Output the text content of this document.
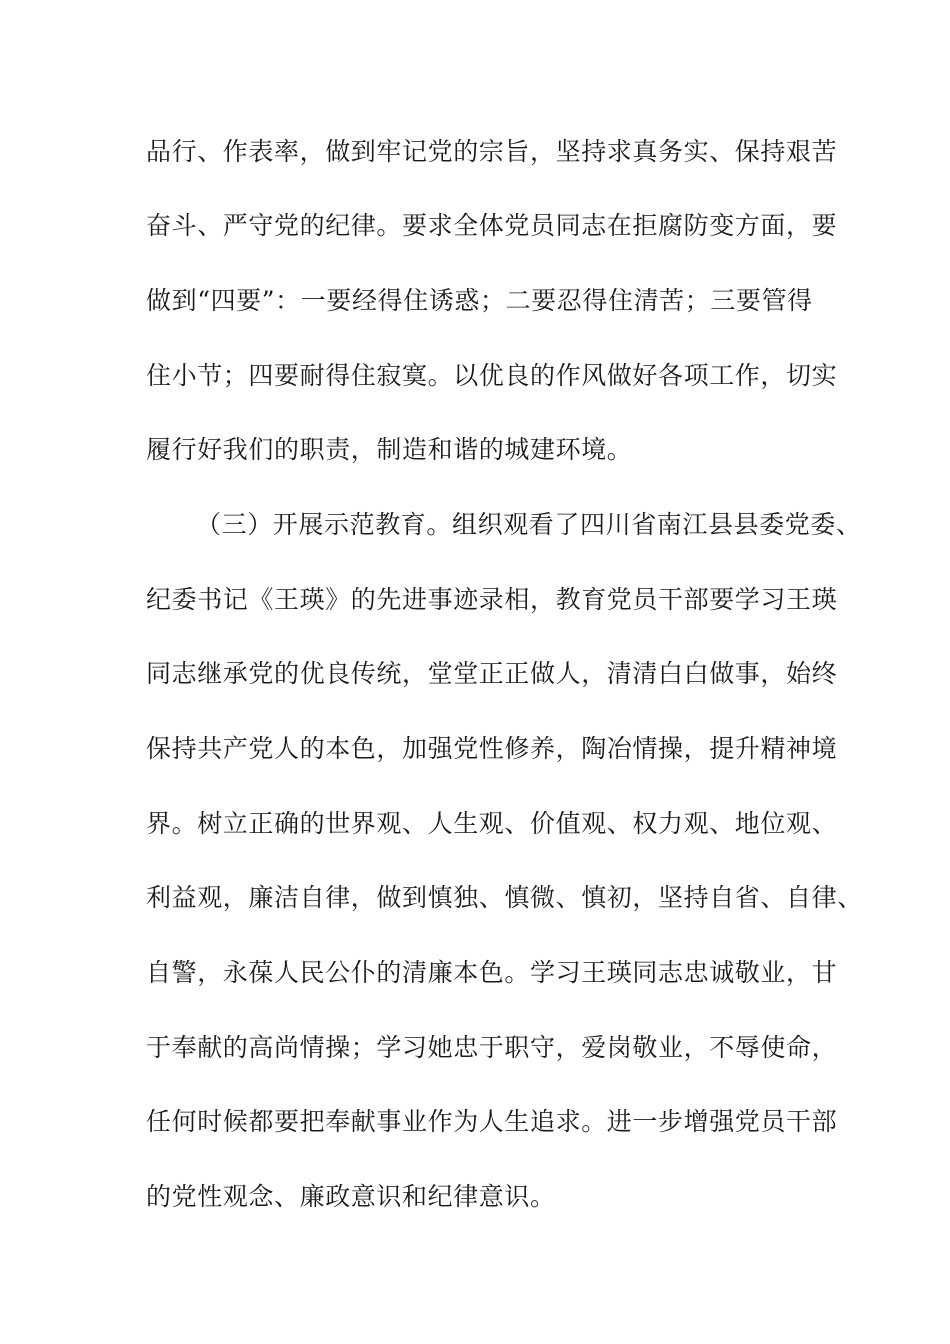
品行、作表率，做到牢记党的宗旨，坚持求真务实、保持艰苦
奋斗、严守党的纪律。要求全体党员同志在拒腐防变方面，要
做到“四要”：一要经得住诱惑；二要忍得住清苦；三要管得
住小节；四要耐得住寂寞。以优良的作风做好各项工作，切实
履行好我们的职责，制造和谐的城建环境。
（三）开展示范教育。组织观看了四川省南江县县委党委、
纪委书记《王瑛》的先进事迹录相，教育党员干部要学习王瑛
同志继承党的优良传统，堂堂正正做人，清清白白做事，始终
保持共产党人的本色，加强党性修养，陶冶情操，提升精神境
界。树立正确的世界观、人生观、价值观、权力观、地位观、
利益观，廉洁自律，做到慎独、慎微、慎初，坚持自省、自律、
自警，永葆人民公仆的清廉本色。学习王瑛同志忠诚敬业，甘
于奉献的高尚情操；学习她忠于职守，爱岗敬业，不辱使命，
任何时候都要把奉献事业作为人生追求。进一步增强党员干部
的党性观念、廉政意识和纪律意识。
